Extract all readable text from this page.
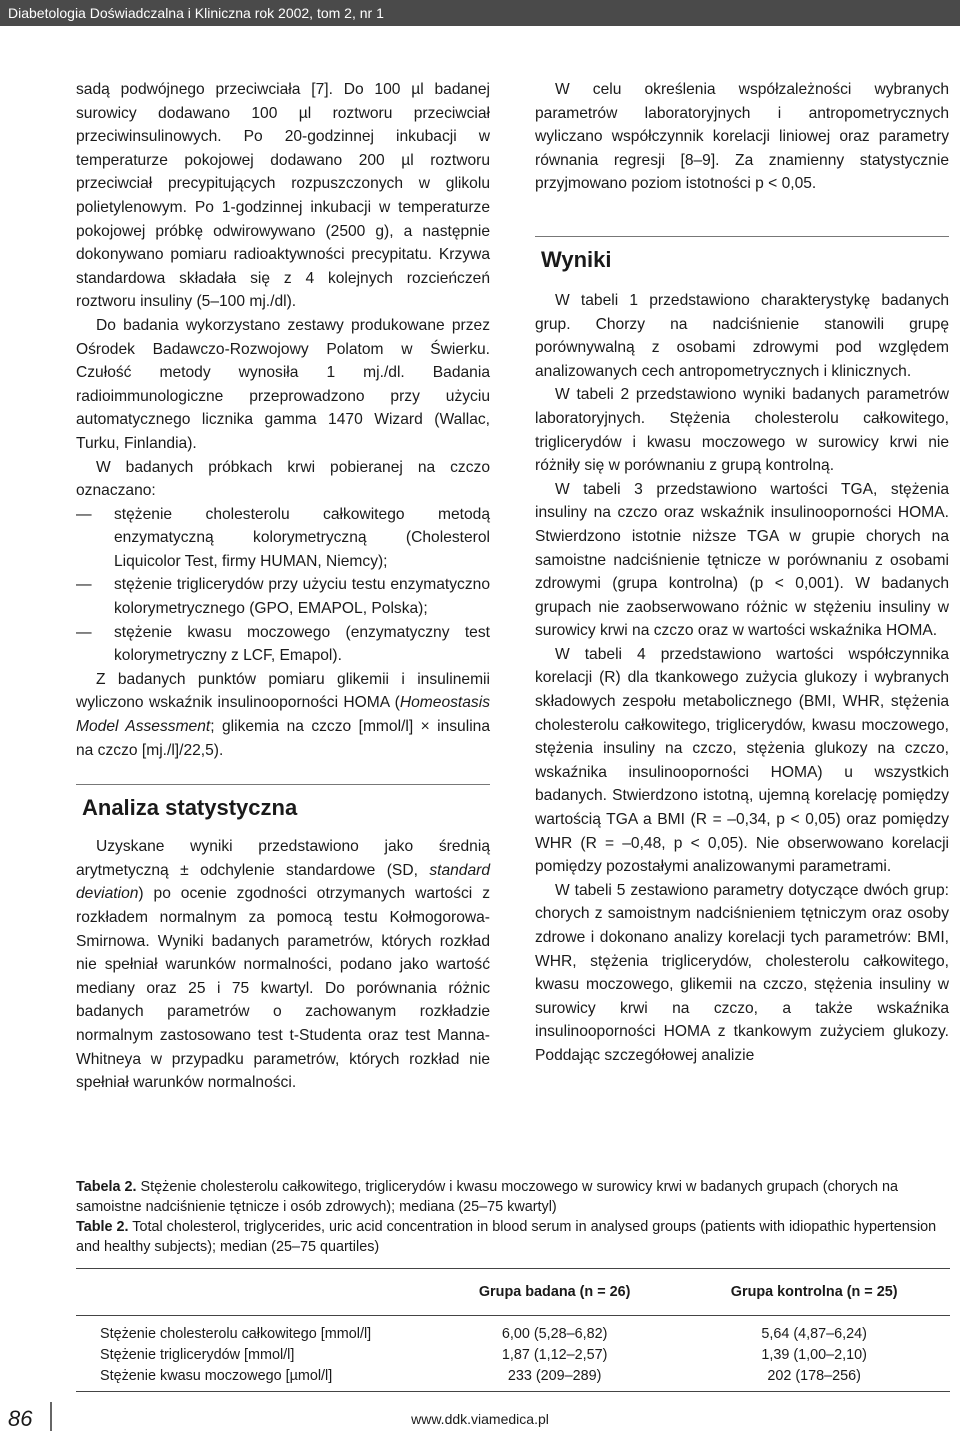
Diabetologia Doświadczalna i Kliniczna rok 2002, tom 2, nr 1

sadą podwójnego przeciwciała [7]. Do 100 µl badanej surowicy dodawano 100 µl roztworu przeciwciał przeciwinsulinowych. Po 20-godzinnej inkubacji w temperaturze pokojowej dodawano 200 µl roztworu przeciwciał precypitujących rozpuszczonych w glikolu polietylenowym. Po 1-godzinnej inkubacji w temperaturze pokojowej próbkę odwirowywano (2500 g), a następnie dokonywano pomiaru radioaktywności precypitatu. Krzywa standardowa składała się z 4 kolejnych rozcieńczeń roztworu insuliny (5–100 mj./dl).

Do badania wykorzystano zestawy produkowane przez Ośrodek Badawczo-Rozwojowy Polatom w Świerku. Czułość metody wynosiła 1 mj./dl. Badania radioimmunologiczne przeprowadzono przy użyciu automatycznego licznika gamma 1470 Wizard (Wallac, Turku, Finlandia).

W badanych próbkach krwi pobieranej na czczo oznaczano:

—	stężenie cholesterolu całkowitego metodą enzymatyczną kolorymetryczną (Cholesterol Liquicolor Test, firmy HUMAN, Niemcy);
—	stężenie triglicerydów przy użyciu testu enzymatyczno kolorymetrycznego (GPO, EMAPOL, Polska);
—	stężenie kwasu moczowego (enzymatyczny test kolorymetryczny z LCF, Emapol).

Z badanych punktów pomiaru glikemii i insulinemii wyliczono wskaźnik insulinooporności HOMA (Homeostasis Model Assessment; glikemia na czczo [mmol/l] × insulina na czczo [mj./l]/22,5).

Analiza statystyczna

Uzyskane wyniki przedstawiono jako średnią arytmetyczną ± odchylenie standardowe (SD, standard deviation) po ocenie zgodności otrzymanych wartości z rozkładem normalnym za pomocą testu Kołmogorowa-Smirnowa. Wyniki badanych parametrów, których rozkład nie spełniał warunków normalności, podano jako wartość mediany oraz 25 i 75 kwartyl. Do porównania różnic badanych parametrów o zachowanym rozkładzie normalnym zastosowano test t-Studenta oraz test Manna-Whitneya w przypadku parametrów, których rozkład nie spełniał warunków normalności.

W celu określenia współzależności wybranych parametrów laboratoryjnych i antropometrycznych wyliczano współczynnik korelacji liniowej oraz parametry równania regresji [8–9]. Za znamienny statystycznie przyjmowano poziom istotności p < 0,05.

Wyniki

W tabeli 1 przedstawiono charakterystykę badanych grup. Chorzy na nadciśnienie stanowili grupę porównywalną z osobami zdrowymi pod względem analizowanych cech antropometrycznych i klinicznych.

W tabeli 2 przedstawiono wyniki badanych parametrów laboratoryjnych. Stężenia cholesterolu całkowitego, triglicerydów i kwasu moczowego w surowicy krwi nie różniły się w porównaniu z grupą kontrolną.

W tabeli 3 przedstawiono wartości TGA, stężenia insuliny na czczo oraz wskaźnik insulinooporności HOMA. Stwierdzono istotnie niższe TGA w grupie chorych na samoistne nadciśnienie tętnicze w porównaniu z osobami zdrowymi (grupa kontrolna) (p < 0,001). W badanych grupach nie zaobserwowano różnic w stężeniu insuliny w surowicy krwi na czczo oraz w wartości wskaźnika HOMA.

W tabeli 4 przedstawiono wartości współczynnika korelacji (R) dla tkankowego zużycia glukozy i wybranych składowych zespołu metabolicznego (BMI, WHR, stężenia cholesterolu całkowitego, triglicerydów, kwasu moczowego, stężenia insuliny na czczo, stężenia glukozy na czczo, wskaźnika insulinooporności HOMA) u wszystkich badanych. Stwierdzono istotną, ujemną korelację pomiędzy wartością TGA a BMI (R = –0,34, p < 0,05) oraz pomiędzy WHR (R = –0,48, p < 0,05). Nie obserwowano korelacji pomiędzy pozostałymi analizowanymi parametrami.

W tabeli 5 zestawiono parametry dotyczące dwóch grup: chorych z samoistnym nadciśnieniem tętniczym oraz osoby zdrowe i dokonano analizy korelacji tych parametrów: BMI, WHR, stężenia triglicerydów, cholesterolu całkowitego, kwasu moczowego, glikemii na czczo, stężenia insuliny w surowicy krwi na czczo, a także wskaźnika insulinooporności HOMA z tkankowym zużyciem glukozy. Poddając szczegółowej analizie

Tabela 2. Stężenie cholesterolu całkowitego, triglicerydów i kwasu moczowego w surowicy krwi w badanych grupach (chorych na samoistne nadciśnienie tętnicze i osób zdrowych); mediana (25–75 kwartyl)
Table 2. Total cholesterol, triglycerides, uric acid concentration in blood serum in analysed groups (patients with idiopathic hypertension and healthy subjects); median (25–75 quartiles)
	Grupa badana (n = 26)	Grupa kontrolna (n = 25)
Stężenie cholesterolu całkowitego [mmol/l]	6,00 (5,28–6,82)	5,64 (4,87–6,24)
Stężenie triglicerydów [mmol/l]	1,87 (1,12–2,57)	1,39 (1,00–2,10)
Stężenie kwasu moczowego [µmol/l]	233 (209–289)	202 (178–256)
86	www.ddk.viamedica.pl
